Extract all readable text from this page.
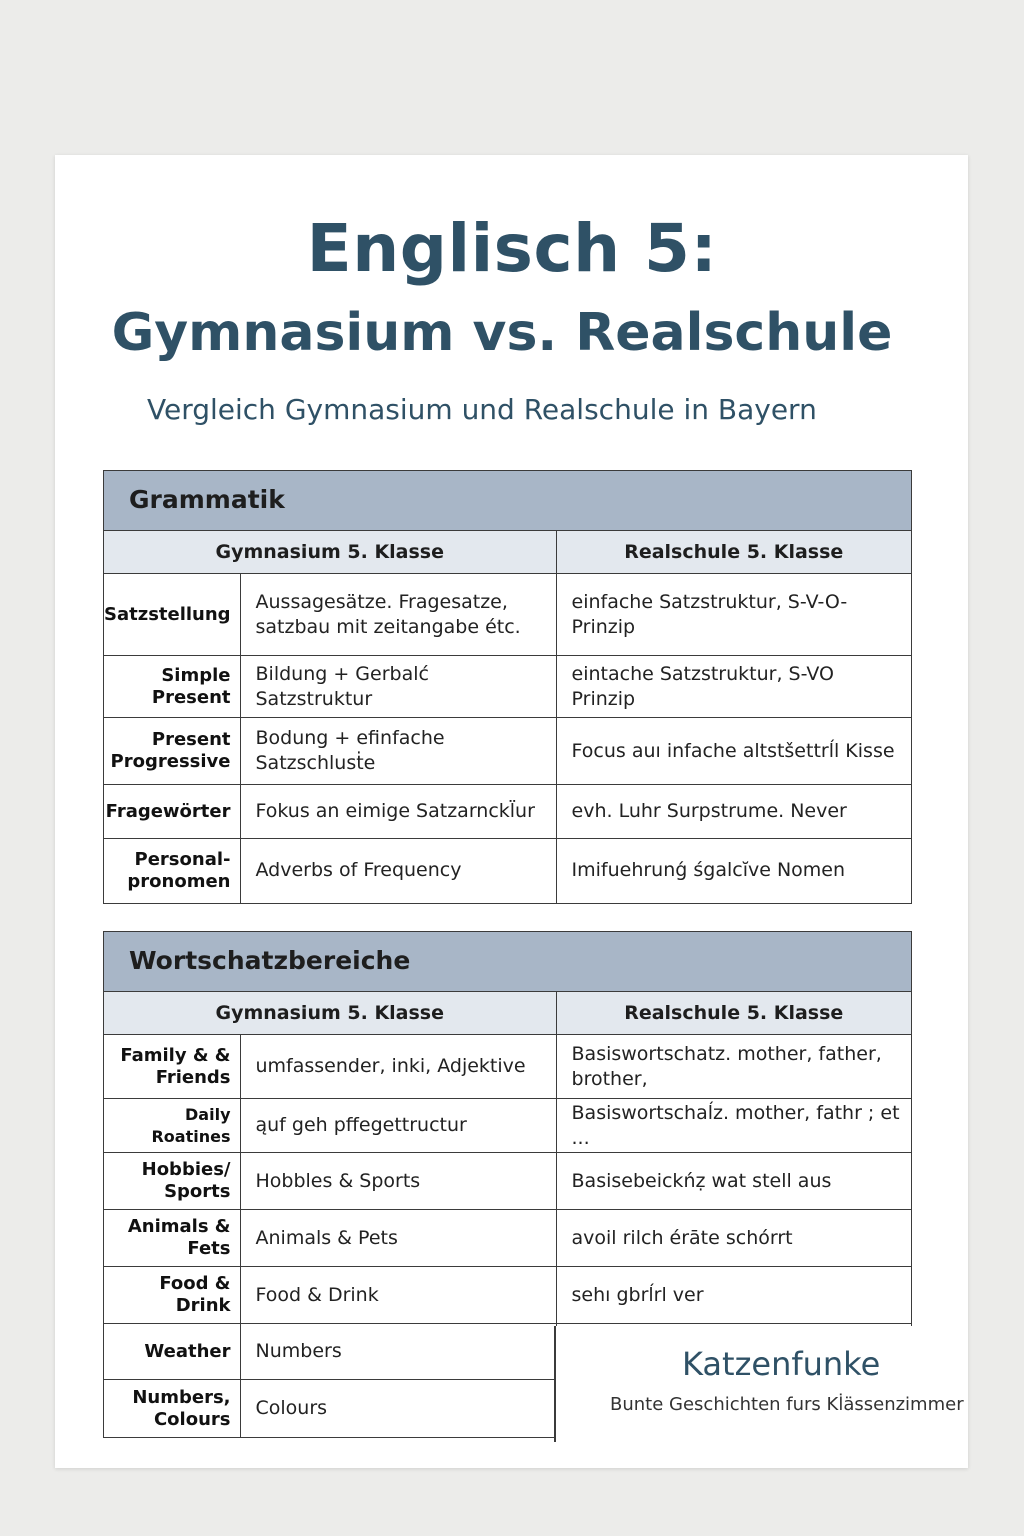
Englisch 5:
Gymnasium vs. Realschule
Vergleich Gymnasium und Realschule in Bayern
Grammatik
Gymnasium 5. Klasse		Realschule 5. Klasse
Satzstellung	Aussagesätze. Fragesatze, satzbau mit zeitangabe étc.	einfache Satzstruktur, S-V-O-Prinzip
Simple Present	Bildung + Gerbalć Satzstruktur	eintache Satzstruktur, S-VO Prinzip
Present Progressive	Bodung + efinfache Satzschlusṫe	Focus auı infache altstšettrĺl Kisse
Fragewörter	Fokus an eimige Satzarnckl̈ur	evh. Luhr Surpstrume. Never
Personal-pronomen	Adverbs of Frequency	Imifuehrunǵ śgalcĭve Nomen
Wortschatzbereiche
Gymnasium 5. Klasse		Realschule 5. Klasse
Family & & Friends	umfassender, inki, Adjektive	Basiswortschatz. mother, father, brother,
Daily Roatines	ąuf geh pffegettructur	Basiswortschaĺz. mother, fathr ; et ...
Hobbies/ Sports	Hobbles & Sports	Basisebeickńẓ wat stell aus
Animals & Fets	Animals & Pets	avoil rilch érāte schórrt
Food & Drink	Food & Drink	sehı gbrĺrl ver
Weather	Numbers	
Numbers, Colours	Colours	
Katzenfunke
Bunte Geschichten furs Kl̇ässenzimmer
